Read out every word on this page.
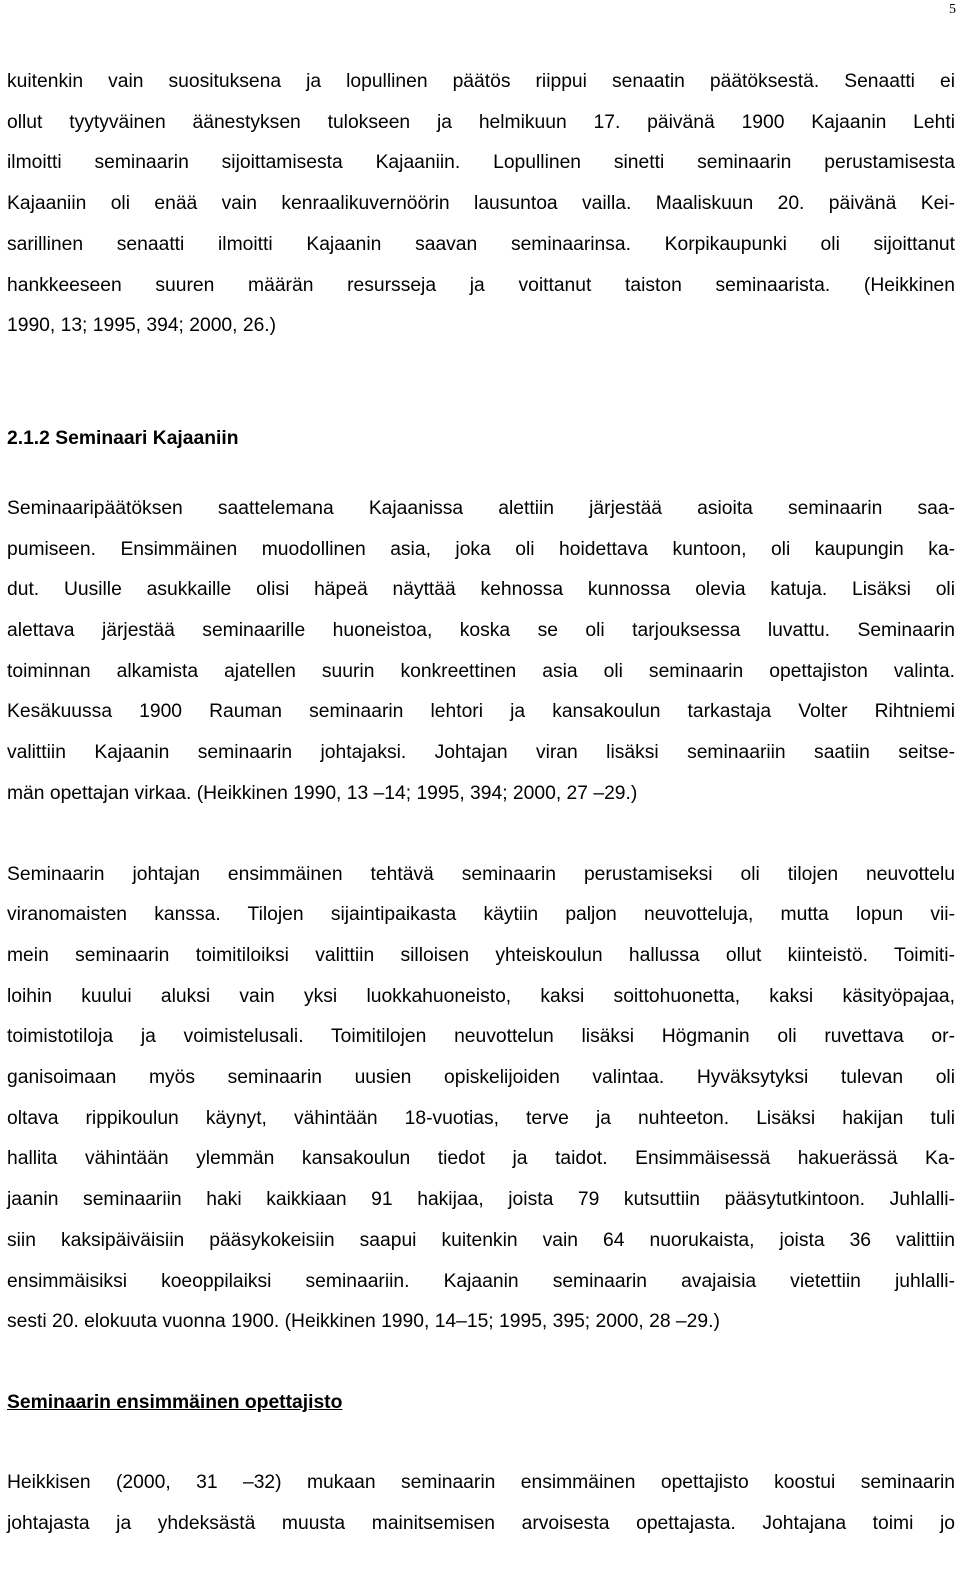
5

kuitenkin vain suosituksena ja lopullinen päätös riippui senaatin päätöksestä. Senaatti ei
ollut tyytyväinen äänestyksen tulokseen ja helmikuun 17. päivänä 1900 Kajaanin Lehti
ilmoitti seminaarin sijoittamisesta Kajaaniin. Lopullinen sinetti seminaarin perustamisesta
Kajaaniin oli enää vain kenraalikuvernöörin lausuntoa vailla. Maaliskuun 20. päivänä Kei-
sarillinen senaatti ilmoitti Kajaanin saavan seminaarinsa. Korpikaupunki oli sijoittanut
hankkeeseen suuren määrän resursseja ja voittanut taiston seminaarista. (Heikkinen
1990, 13; 1995, 394; 2000, 26.)

2.1.2 Seminaari Kajaaniin

Seminaaripäätöksen saattelemana Kajaanissa alettiin järjestää asioita seminaarin saa-
pumiseen. Ensimmäinen muodollinen asia, joka oli hoidettava kuntoon, oli kaupungin ka-
dut. Uusille asukkaille olisi häpeä näyttää kehnossa kunnossa olevia katuja. Lisäksi oli
alettava järjestää seminaarille huoneistoa, koska se oli tarjouksessa luvattu. Seminaarin
toiminnan alkamista ajatellen suurin konkreettinen asia oli seminaarin opettajiston valinta.
Kesäkuussa 1900 Rauman seminaarin lehtori ja kansakoulun tarkastaja Volter Rihtniemi
valittiin Kajaanin seminaarin johtajaksi. Johtajan viran lisäksi seminaariin saatiin seitse-
män opettajan virkaa. (Heikkinen 1990, 13 –14; 1995, 394; 2000, 27 –29.)

Seminaarin johtajan ensimmäinen tehtävä seminaarin perustamiseksi oli tilojen neuvottelu
viranomaisten kanssa. Tilojen sijaintipaikasta käytiin paljon neuvotteluja, mutta lopun vii-
mein seminaarin toimitiloiksi valittiin silloisen yhteiskoulun hallussa ollut kiinteistö. Toimiti-
loihin kuului aluksi vain yksi luokkahuoneisto, kaksi soittohuonetta, kaksi käsityöpajaa,
toimistotiloja ja voimistelusali. Toimitilojen neuvottelun lisäksi Högmanin oli ruvettava or-
ganisoimaan myös seminaarin uusien opiskelijoiden valintaa. Hyväksytyksi tulevan oli
oltava rippikoulun käynyt, vähintään 18-vuotias, terve ja nuhteeton. Lisäksi hakijan tuli
hallita vähintään ylemmän kansakoulun tiedot ja taidot. Ensimmäisessä hakuerässä Ka-
jaanin seminaariin haki kaikkiaan 91 hakijaa, joista 79 kutsuttiin pääsytutkintoon. Juhlalli-
siin kaksipäiväisiin pääsykokeisiin saapui kuitenkin vain 64 nuorukaista, joista 36 valittiin
ensimmäisiksi koeoppilaiksi seminaariin. Kajaanin seminaarin avajaisia vietettiin juhlalli-
sesti 20. elokuuta vuonna 1900. (Heikkinen 1990, 14–15; 1995, 395; 2000, 28 –29.)

Seminaarin ensimmäinen opettajisto

Heikkisen (2000, 31 –32) mukaan seminaarin ensimmäinen opettajisto koostui seminaarin
johtajasta ja yhdeksästä muusta mainitsemisen arvoisesta opettajasta. Johtajana toimi jo
